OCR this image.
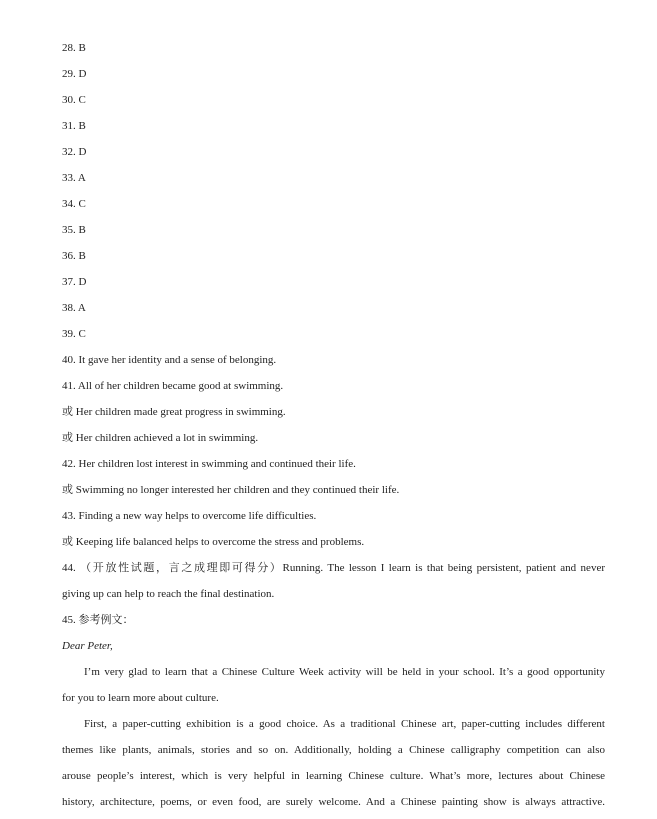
28. B
29. D
30. C
31. B
32. D
33. A
34. C
35. B
36. B
37. D
38. A
39. C
40. It gave her identity and a sense of belonging.
41. All of her children became good at swimming.
或 Her children made great progress in swimming.
或 Her children achieved a lot in swimming.
42. Her children lost interest in swimming and continued their life.
或 Swimming no longer interested her children and they continued their life.
43. Finding a new way helps to overcome life difficulties.
或 Keeping life balanced helps to overcome the stress and problems.
44. （开放性试题，言之成理即可得分）Running. The lesson I learn is that being persistent, patient and never
giving up can help to reach the final destination.
45. 参考例文：
Dear Peter,
I’m very glad to learn that a Chinese Culture Week activity will be held in your school. It’s a good opportunity
for you to learn more about culture.
First, a paper-cutting exhibition is a good choice. As a traditional Chinese art, paper-cutting includes different
themes like plants, animals, stories and so on. Additionally, holding a Chinese calligraphy competition can also
arouse people’s interest, which is very helpful in learning Chinese culture. What’s more, lectures about Chinese
history, architecture, poems, or even food, are surely welcome. And a Chinese painting show is always attractive.
